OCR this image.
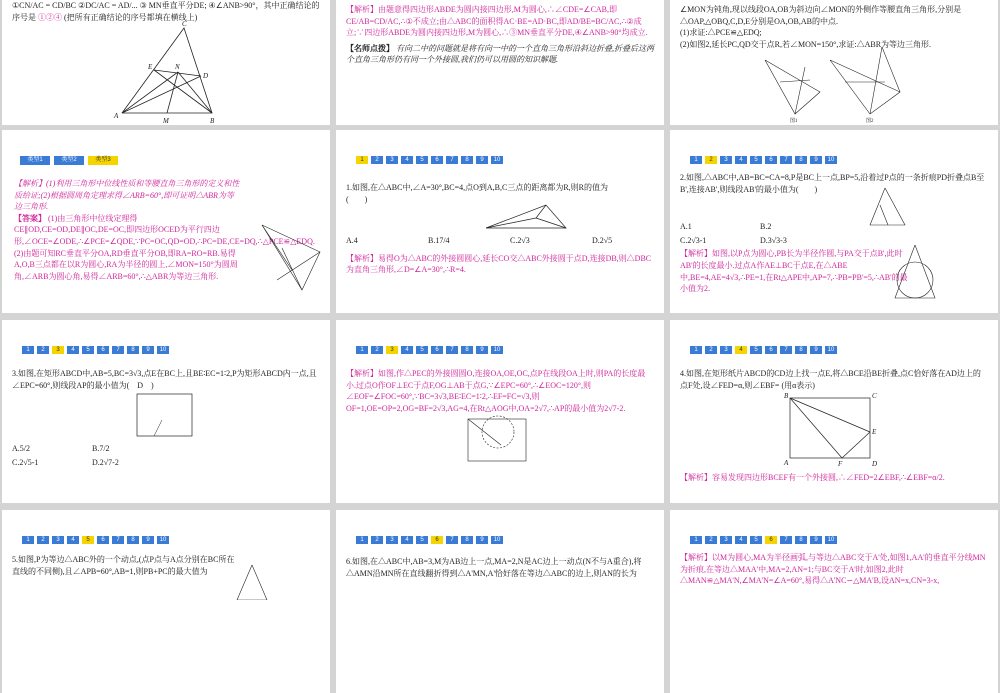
①CN/AC = CD/BC ②DC/AC = AD/... ③ MN垂直平分DE; ④∠ANB>90°，其中正确结论的序号是 ①②④ (把所有正确结论的序号都填在横线上)
C
E	N
D
A
M	B

【解析】由题意得四边形ABDE为圆内接四边形,M为圆心,∴∠CDE=∠CAB,即CE/AB=CD/AC,∴①不成立;由△ABC的面积得AC·BE=AD·BC,即AD/BE=BC/AC,∴②成立;∵四边形ABDE为圆内接四边形,M为圆心,∴③MN垂直平分DE,④∠ANB>90°均成立.

【名师点拨】 有向二中的问题就是将有向一中的一个直角三角形沿斜边折叠,折叠后这两个直角三角形仍有同一个外接圆,我们仍可以用圆的知识解题.

∠MON为钝角,现以线段OA,OB为斜边向∠MON的外侧作等腰直角三角形,分别是△OAP,△OBQ,C,D,E分别是OA,OB,AB的中点.

(1)求证:△PCE≌△EDQ;

(2)如图2,延长PC,QD交于点R,若∠MON=150°,求证:△ABR为等边三角形.

图1	图2
类型1	类型2	类型3

【解析】(1)利用三角形中位线性质和等腰直角三角形的定义和性质给证;(2)根据圆周角定理求得∠ARB=60°,即可证明△ABR为等边三角形.

【答案】 (1)由三角形中位线定理得CE∥OD,CE=OD,DE∥OC,DE=OC,即四边形OCED为平行四边形,∠OCE=∠ODE,∴∠PCE=∠QDE,∵PC=OC,QD=OD,∴PC=DE,CE=DQ,∴△PCE≌△EDQ.

(2)由题可知RC垂直平分OA,RD垂直平分OB,即RA=RO=RB.易得A,O,B三点都在以R为圆心,RA为半径的圆上,∠MON=150°为圆周角,∠ARB为圆心角,易得∠ARB=60°,∴△ABR为等边三角形.

1	2	3	4	5	6	7	8	9	10

1.如图,在△ABC中,∠A=30°,BC=4,点O到A,B,C三点的距离都为R,则R的值为

(　　)

A.4	B.17/4	C.2√3	D.2√5

【解析】易得O为△ABC的外接圆圆心,延长CO交△ABC外接圆于点D,连接DB,则△DBC为直角三角形,∠D=∠A=30°,∴R=4.

1	2	3	4	5	6	7	8	9	10

2.如图,△ABC中,AB=BC=CA=8,P是BC上一点,BP=5,沿着过P点的一条折痕PD折叠点B至B',连接AB',则线段AB'的最小值为(　　)

A.1	B.2
C.2√3-1	D.3√3-3

【解析】如图,以P点为圆心,PB长为半径作圆,与PA交于点B',此时AB'的长度最小.过点A作AE⊥BC于点E,在△ABE中,BE=4,AE=4√3,∴PE=1,在Rt△APE中,AP=7,∴PB=PB'=5,∴AB'的最小值为2.

1	2	3	4	5	6	7	8	9	10

3.如图,在矩形ABCD中,AB=5,BC=3√3,点E在BC上,且BE∶EC=1∶2,P为矩形ABCD内一点,且∠EPC=60°,则线段AP的最小值为(　D　)

A.5/2	B.7/2
C.2√5-1	D.2√7-2
1	2	3	4	5	6	7	8	9	10

【解析】如图,作△PEC的外接圆圆O,连接OA,OE,OC,点P在线段OA上时,则PA的长度最小.过点O作OF⊥EC于点F,OG⊥AB于点G,∵∠EPC=60°,∴∠EOC=120°,则∠EOF=∠FOC=60°,∵BC=3√3,BE∶EC=1∶2,∴EF=FC=√3,则OF=1,OE=OP=2,OG=BF=2√3,AG=4,在Rt△AOG中,OA=2√7,∴AP的最小值为2√7-2.

1	2	3	4	5	6	7	8	9	10

4.如图,在矩形纸片ABCD的CD边上找一点E,将△BCE沿BE折叠,点C恰好落在AD边上的点F处,设∠FED=α,则∠EBF= (用α表示)

B	C
E
A	F	D

【解析】容易发现四边形BCEF有一个外接圆,∴∠FED=2∠EBF,∴∠EBF=α/2.

1	2	3	4	5	6	7	8	9	10

5.如图,P为等边△ABC外的一个动点,(点P点与A点分别在BC所在直线的不同侧),且∠APB=60°,AB=1,则PB+PC的最大值为

1	2	3	4	5	6	7	8	9	10

6.如图,在△ABC中,AB=3,M为AB边上一点,MA=2,N是AC边上一动点(N不与A重合),将△AMN沿MN所在直线翻折得到△A'MN,A'恰好落在等边△ABC的边上,则AN的长为

1	2	3	4	5	6	7	8	9	10

【解析】以M为圆心,MA为半径画弧,与等边△ABC交于A'处,如图1,AA'的垂直平分线MN为折痕,在等边△MAA'中,MA=2,AN=1;与BC交于A'时,如图2,此时△MAN≌△MA'N,∠MA'N=∠A=60°,易得△A'NC∽△MA'B,设AN=x,CN=3-x,
